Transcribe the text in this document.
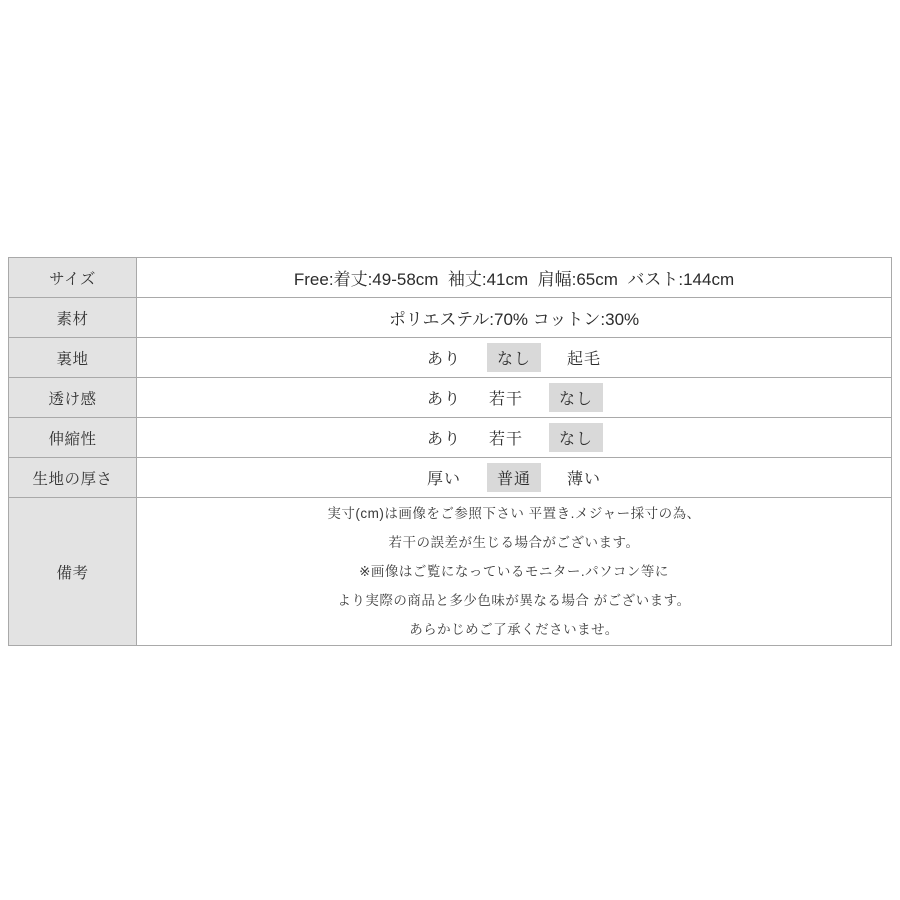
サイズ	Free:着丈:49-58cm  袖丈:41cm  肩幅:65cm  バスト:144cm
素材	ポリエステル:70% コットン:30%
裏地	あり	なし	起毛
透け感	あり 若干	なし
伸縮性	あり 若干	なし
生地の厚さ	厚い	普通	薄い
備考
実寸(cm)は画像をご参照下さい 平置き.メジャー採寸の為、
若干の誤差が生じる場合がございます。
※画像はご覧になっているモニター.パソコン等に
より実際の商品と多少色味が異なる場合 がございます。
あらかじめご了承くださいませ。
